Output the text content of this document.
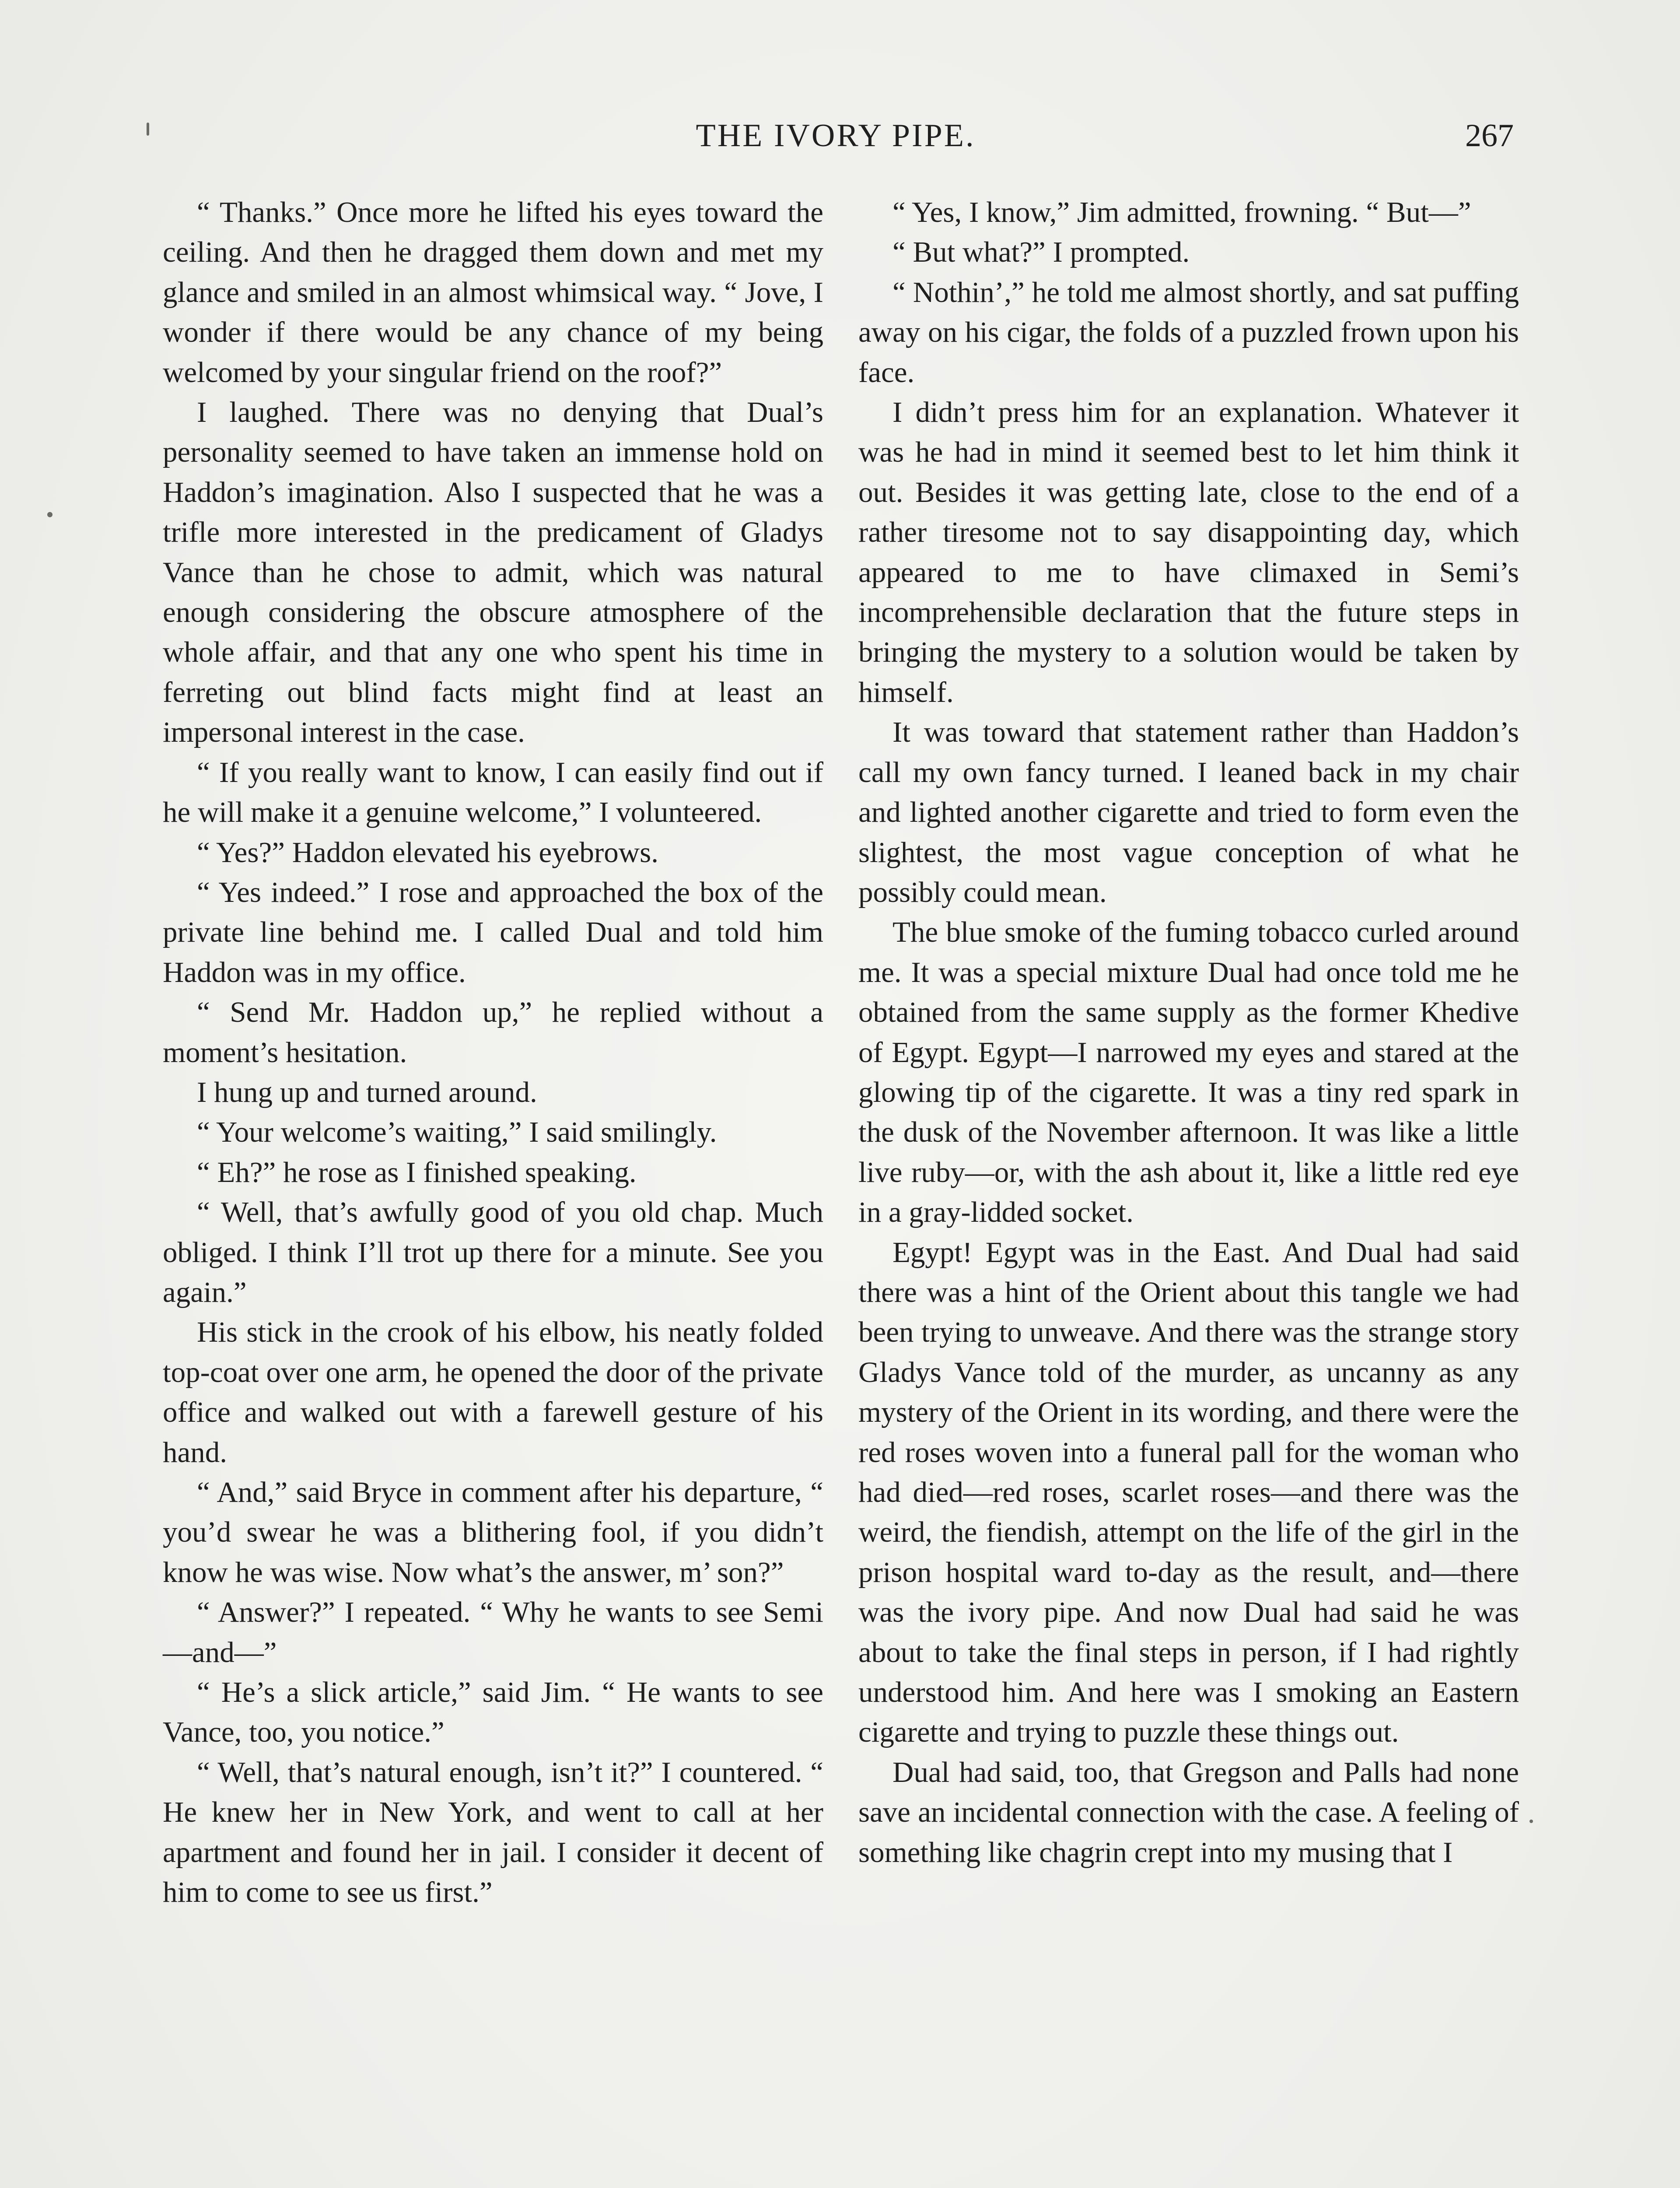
THE IVORY PIPE.	267

“ Thanks.” Once more he lifted his eyes toward the ceiling. And then he dragged them down and met my glance and smiled in an almost whimsical way. “ Jove, I wonder if there would be any chance of my being welcomed by your singular friend on the roof?”

I laughed. There was no denying that Dual’s personality seemed to have taken an immense hold on Haddon’s imagination. Also I suspected that he was a trifle more interested in the predicament of Gladys Vance than he chose to admit, which was natural enough considering the obscure atmosphere of the whole affair, and that any one who spent his time in ferreting out blind facts might find at least an impersonal interest in the case.

“ If you really want to know, I can easily find out if he will make it a genuine welcome,” I volunteered.

“ Yes?” Haddon elevated his eyebrows.

“ Yes indeed.” I rose and approached the box of the private line behind me. I called Dual and told him Haddon was in my office.

“ Send Mr. Haddon up,” he replied without a moment’s hesitation.

I hung up and turned around.

“ Your welcome’s waiting,” I said smilingly.

“ Eh?” he rose as I finished speaking.

“ Well, that’s awfully good of you old chap. Much obliged. I think I’ll trot up there for a minute. See you again.”

His stick in the crook of his elbow, his neatly folded top-coat over one arm, he opened the door of the private office and walked out with a farewell gesture of his hand.

“ And,” said Bryce in comment after his departure, “ you’d swear he was a blithering fool, if you didn’t know he was wise. Now what’s the answer, m’ son?”

“ Answer?” I repeated. “ Why he wants to see Semi—and—”

“ He’s a slick article,” said Jim. “ He wants to see Vance, too, you notice.”

“ Well, that’s natural enough, isn’t it?” I countered. “ He knew her in New York, and went to call at her apartment and found her in jail. I consider it decent of him to come to see us first.”

“ Yes, I know,” Jim admitted, frowning. “ But—”

“ But what?” I prompted.

“ Nothin’,” he told me almost shortly, and sat puffing away on his cigar, the folds of a puzzled frown upon his face.

I didn’t press him for an explanation. Whatever it was he had in mind it seemed best to let him think it out. Besides it was getting late, close to the end of a rather tiresome not to say disappointing day, which appeared to me to have climaxed in Semi’s incomprehensible declaration that the future steps in bringing the mystery to a solution would be taken by himself.

It was toward that statement rather than Haddon’s call my own fancy turned. I leaned back in my chair and lighted another cigarette and tried to form even the slightest, the most vague conception of what he possibly could mean.

The blue smoke of the fuming tobacco curled around me. It was a special mixture Dual had once told me he obtained from the same supply as the former Khedive of Egypt. Egypt—I narrowed my eyes and stared at the glowing tip of the cigarette. It was a tiny red spark in the dusk of the November afternoon. It was like a little live ruby—or, with the ash about it, like a little red eye in a gray-lidded socket.

Egypt! Egypt was in the East. And Dual had said there was a hint of the Orient about this tangle we had been trying to unweave. And there was the strange story Gladys Vance told of the murder, as uncanny as any mystery of the Orient in its wording, and there were the red roses woven into a funeral pall for the woman who had died—red roses, scarlet roses—and there was the weird, the fiendish, attempt on the life of the girl in the prison hospital ward to-day as the result, and—there was the ivory pipe. And now Dual had said he was about to take the final steps in person, if I had rightly understood him. And here was I smoking an Eastern cigarette and trying to puzzle these things out.

Dual had said, too, that Gregson and Palls had none save an incidental connection with the case. A feeling of something like chagrin crept into my musing that I
